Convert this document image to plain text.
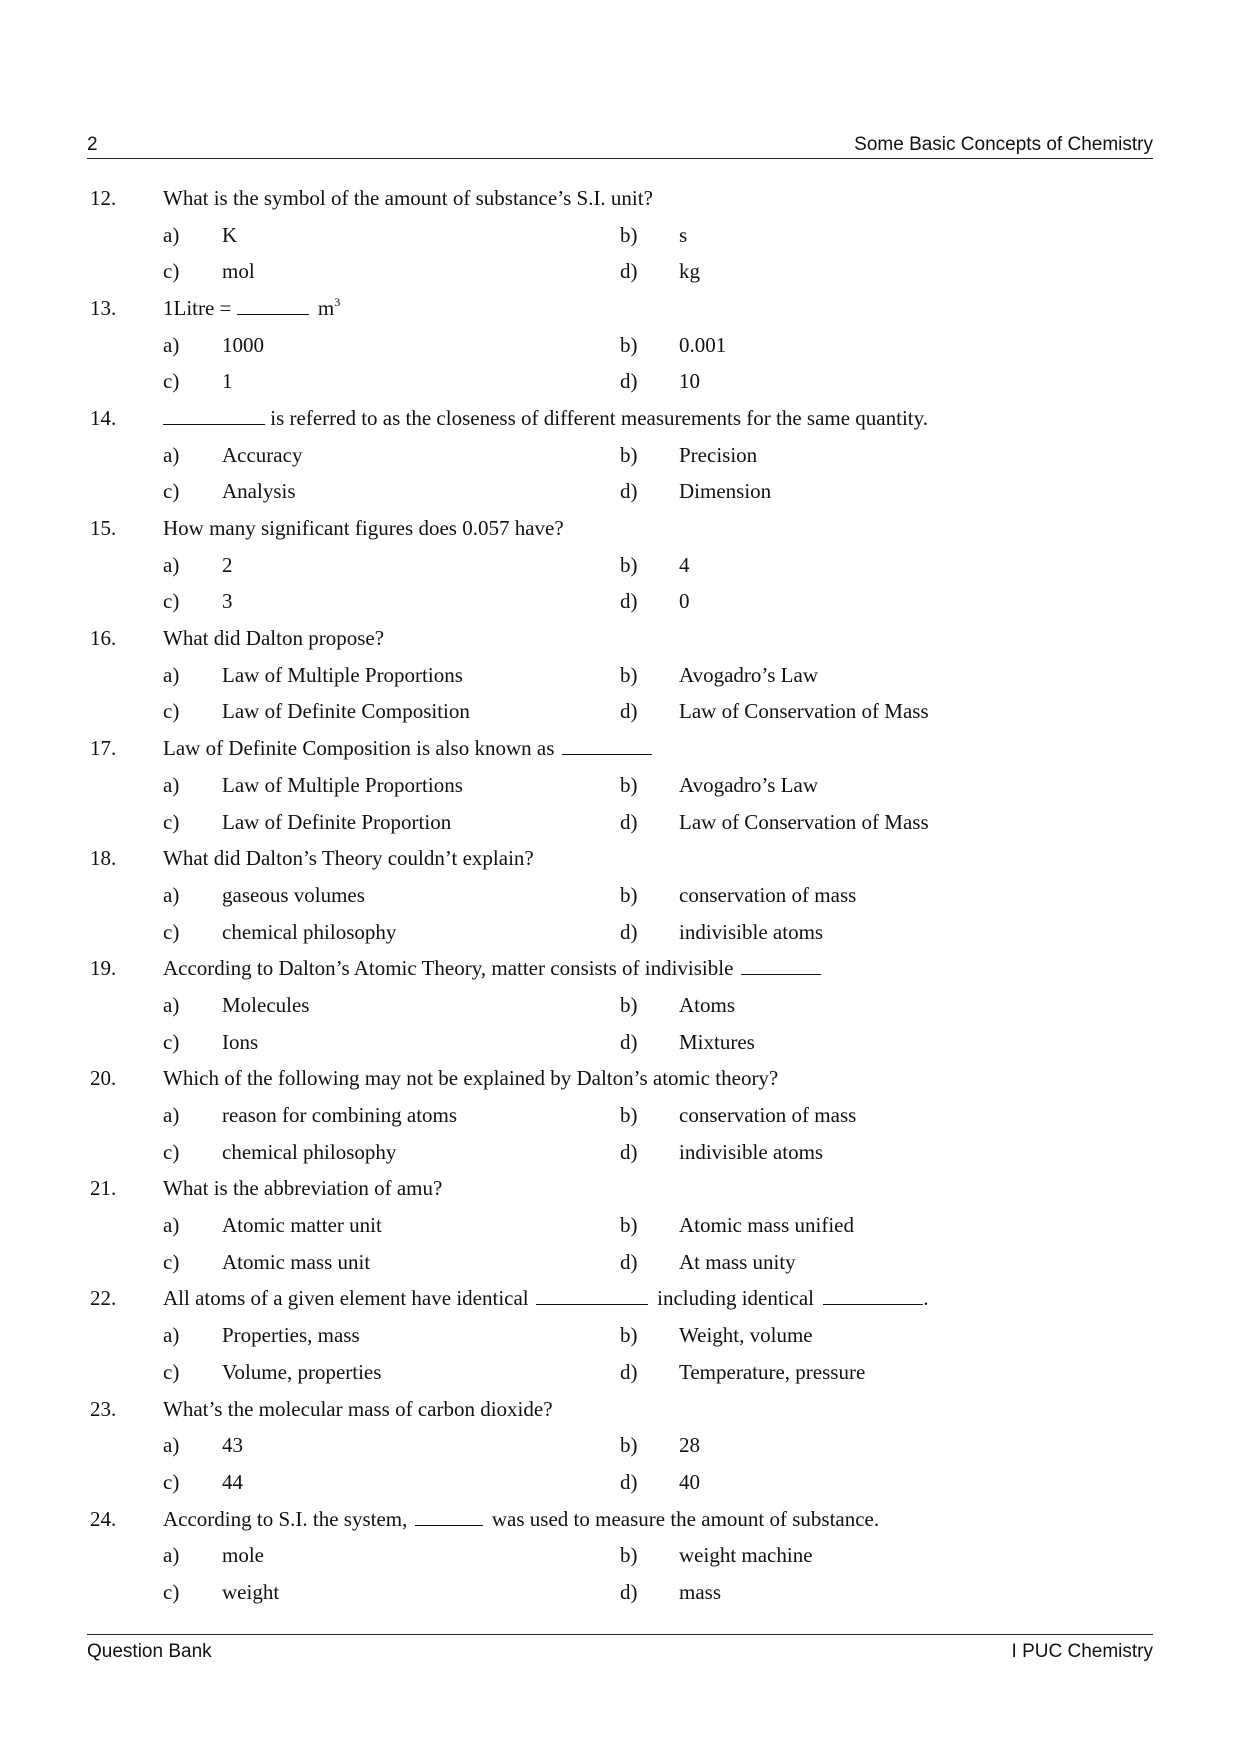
2	Some Basic Concepts of Chemistry
12. What is the symbol of the amount of substance’s S.I. unit?
a) K	b) s
c) mol	d) kg
13. 1Litre =	$m^3$
a) 1000	b) 0.001
c) 1	d) 10
14.	is referred to as the closeness of different measurements for the same quantity.
a) Accuracy	b) Precision
c) Analysis	d) Dimension
15. How many significant figures does 0.057 have?
a) 2	b) 4
c) 3	d) 0
16. What did Dalton propose?
a) Law of Multiple Proportions	b) Avogadro’s Law
c) Law of Definite Composition	d) Law of Conservation of Mass
17. Law of Definite Composition is also known as
a) Law of Multiple Proportions	b) Avogadro’s Law
c) Law of Definite Proportion	d) Law of Conservation of Mass
18. What did Dalton’s Theory couldn’t explain?
a) gaseous volumes	b) conservation of mass
c) chemical philosophy	d) indivisible atoms
19. According to Dalton’s Atomic Theory, matter consists of indivisible
a) Molecules	b) Atoms
c) Ions	d) Mixtures
20. Which of the following may not be explained by Dalton’s atomic theory?
a) reason for combining atoms	b) conservation of mass
c) chemical philosophy	d) indivisible atoms
21. What is the abbreviation of amu?
a) Atomic matter unit	b) Atomic mass unified
c) Atomic mass unit	d) At mass unity
22. All atoms of a given element have identical	including identical	.
a) Properties, mass	b) Weight, volume
c) Volume, properties	d) Temperature, pressure
23. What’s the molecular mass of carbon dioxide?
a) 43	b) 28
c) 44	d) 40
24. According to S.I. the system,	was used to measure the amount of substance.
a) mole	b) weight machine
c) weight	d) mass
Question Bank	I PUC Chemistry
